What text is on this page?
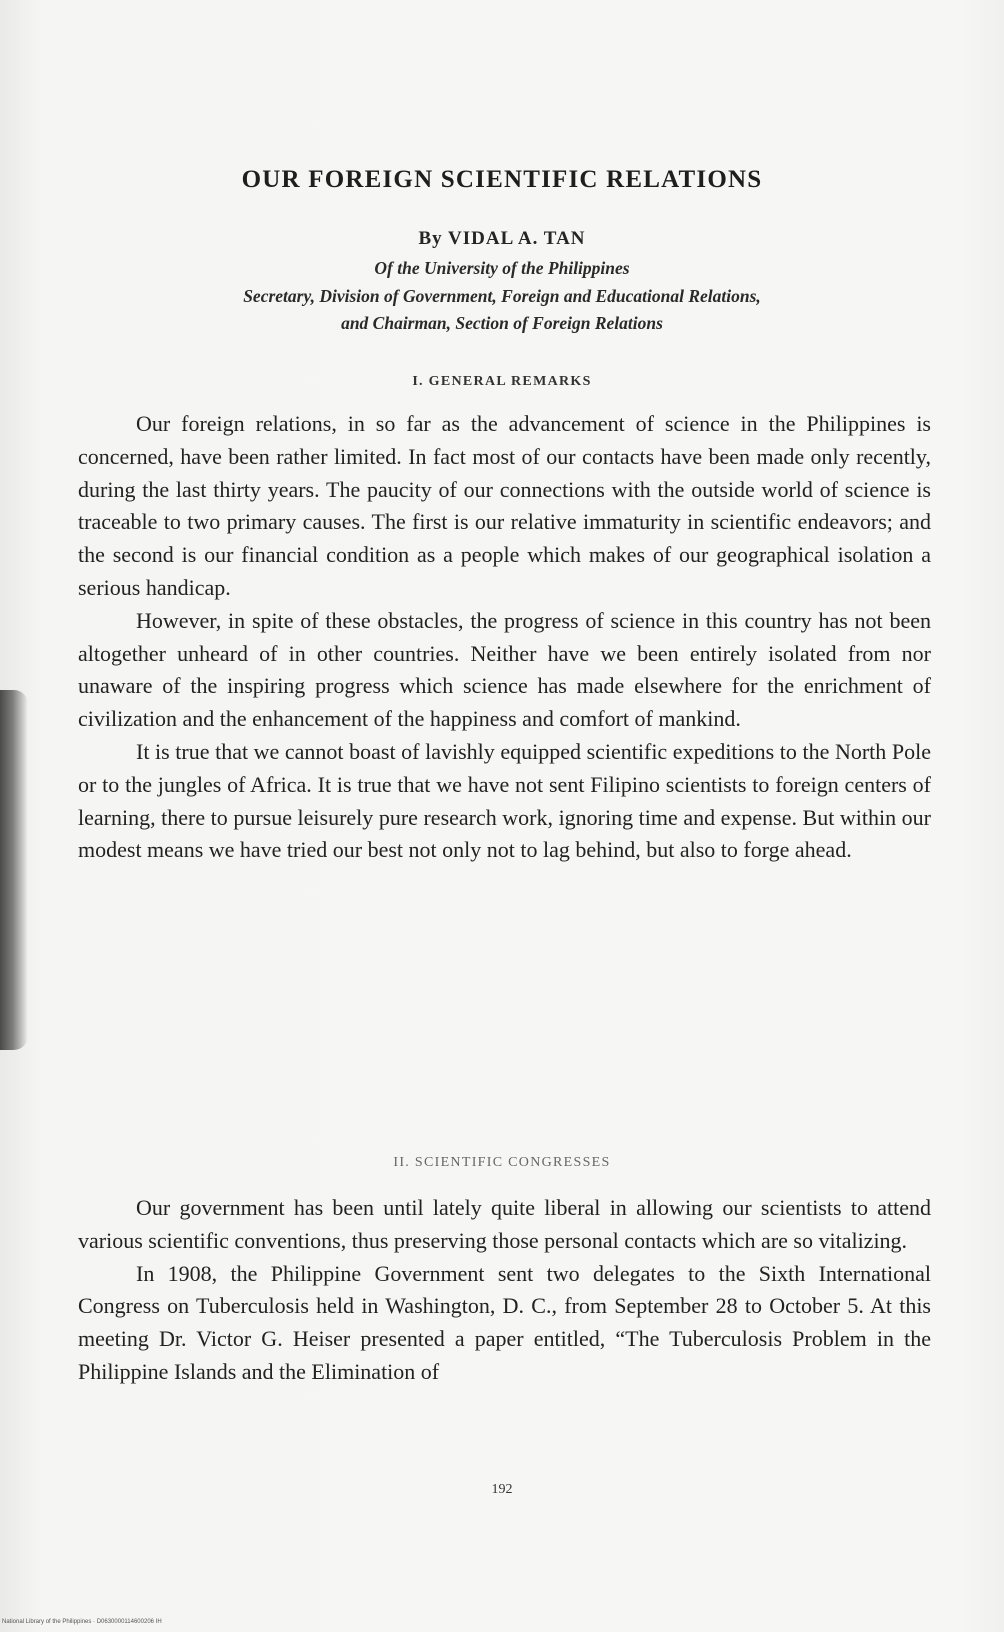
OUR FOREIGN SCIENTIFIC RELATIONS

By VIDAL A. TAN

Of the University of the Philippines

Secretary, Division of Government, Foreign and Educational Relations,

and Chairman, Section of Foreign Relations

I. GENERAL REMARKS

Our foreign relations, in so far as the advancement of science in the Philippines is concerned, have been rather limited. In fact most of our contacts have been made only recently, during the last thirty years. The paucity of our connections with the outside world of science is traceable to two primary causes. The first is our relative immaturity in scientific endeavors; and the second is our financial condition as a people which makes of our geographical isolation a serious handicap.

However, in spite of these obstacles, the progress of science in this country has not been altogether unheard of in other countries. Neither have we been entirely isolated from nor unaware of the inspiring progress which science has made elsewhere for the enrichment of civilization and the enhancement of the happiness and comfort of mankind.

It is true that we cannot boast of lavishly equipped scientific expeditions to the North Pole or to the jungles of Africa. It is true that we have not sent Filipino scientists to foreign centers of learning, there to pursue leisurely pure research work, ignoring time and expense. But within our modest means we have tried our best not only not to lag behind, but also to forge ahead.

II. SCIENTIFIC CONGRESSES

Our government has been until lately quite liberal in allowing our scientists to attend various scientific conventions, thus preserving those personal contacts which are so vitalizing.

In 1908, the Philippine Government sent two delegates to the Sixth International Congress on Tuberculosis held in Washington, D. C., from September 28 to October 5. At this meeting Dr. Victor G. Heiser presented a paper entitled, “The Tuberculosis Problem in the Philippine Islands and the Elimination of

192

National Library of the Philippines · D0630000114600206 IH
